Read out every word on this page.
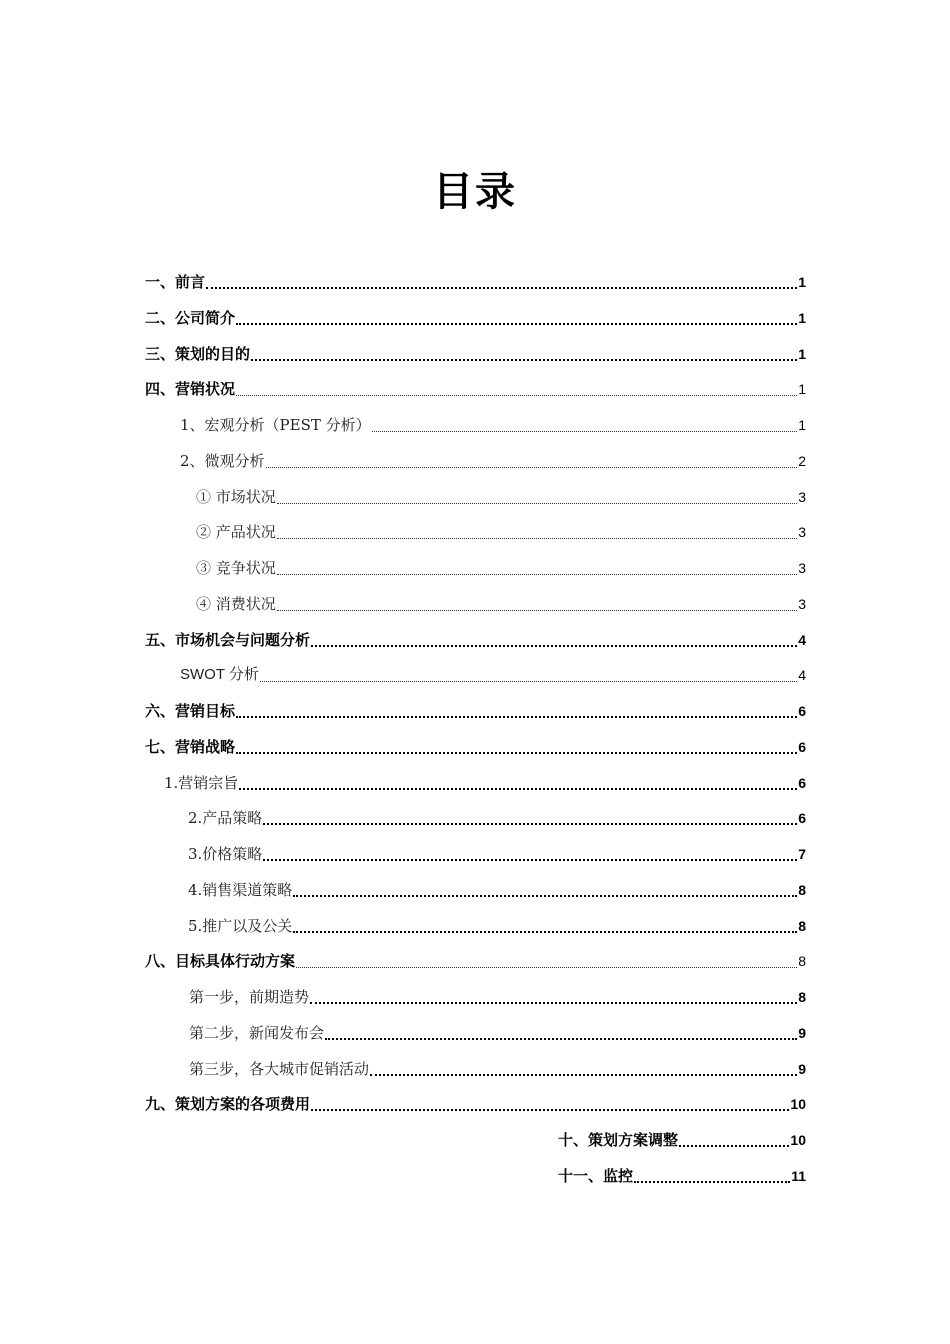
目录
一、前言	1
二、公司简介	1
三、策划的目的	1
四、营销状况	1
1、宏观分析（PEST 分析）	1
2、微观分析	2
① 市场状况	3
② 产品状况	3
③ 竞争状况	3
④ 消费状况	3
五、市场机会与问题分析	4
SWOT 分析	4
六、营销目标	6
七、营销战略	6
1.营销宗旨	6
2.产品策略	6
3.价格策略	7
4.销售渠道策略	8
5.推广以及公关	8
八、目标具体行动方案	8
第一步，前期造势	8
第二步，新闻发布会	9
第三步，各大城市促销活动	9
九、策划方案的各项费用	10
十、策划方案调整	10
十一、监控	11
